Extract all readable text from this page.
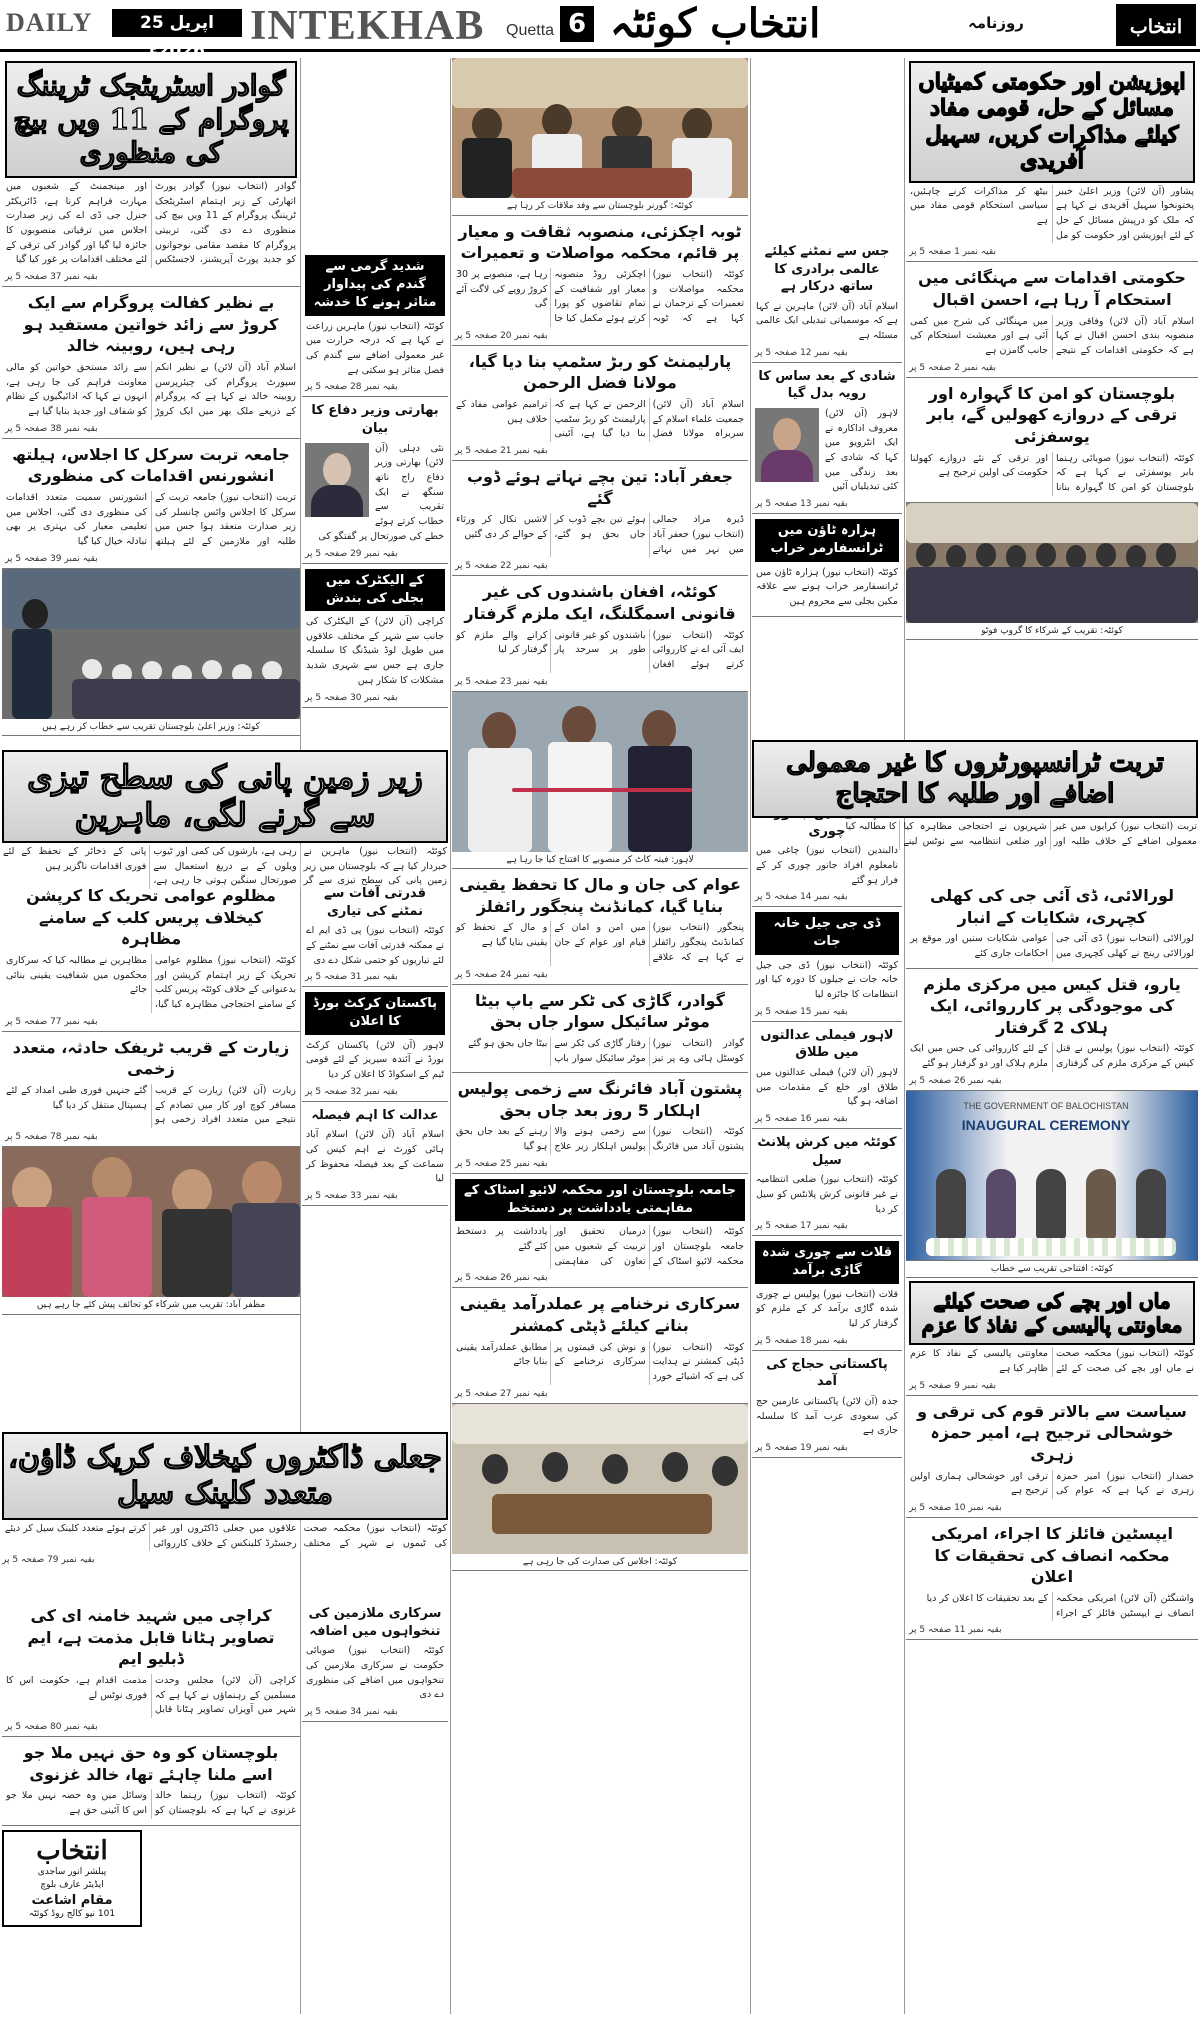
DAILY	25 اپریل 2026ء
INTEKHAB Quetta 6 انتخاب کوئٹہ	روزنامہ	انتخاب
گوادر اسٹریٹجک ٹریننگ پروگرام کے 11 ویں بیچ کی منظوری
گوادر (انتخاب نیوز) گوادر پورٹ اتھارٹی کے زیر اہتمام اسٹریٹجک ٹریننگ پروگرام کے 11 ویں بیچ کی منظوری دے دی گئی، تربیتی پروگرام کا مقصد مقامی نوجوانوں کو جدید پورٹ آپریشنز، لاجسٹکس اور مینجمنٹ کے شعبوں میں مہارت فراہم کرنا ہے، ڈائریکٹر جنرل جی ڈی اے کی زیر صدارت اجلاس میں ترقیاتی منصوبوں کا جائزہ لیا گیا اور گوادر کی ترقی کے لئے مختلف اقدامات پر غور کیا گیا
بقیہ نمبر 37 صفحہ 5 پر
بے نظیر کفالت پروگرام سے ایک کروڑ سے زائد خواتین مستفید ہو رہی ہیں، روبینہ خالد
اسلام آباد (آن لائن) بے نظیر انکم سپورٹ پروگرام کی چیئرپرسن روبینہ خالد نے کہا ہے کہ پروگرام کے ذریعے ملک بھر میں ایک کروڑ سے زائد مستحق خواتین کو مالی معاونت فراہم کی جا رہی ہے، انہوں نے کہا کہ ادائیگیوں کے نظام کو شفاف اور جدید بنایا گیا ہے
بقیہ نمبر 38 صفحہ 5 پر
جامعہ تربت سرکل کا اجلاس، ہیلتھ انشورنس اقدامات کی منظوری
تربت (انتخاب نیوز) جامعہ تربت کے سرکل کا اجلاس وائس چانسلر کی زیر صدارت منعقد ہوا جس میں طلبہ اور ملازمین کے لئے ہیلتھ انشورنس سمیت متعدد اقدامات کی منظوری دی گئی، اجلاس میں تعلیمی معیار کی بہتری پر بھی تبادلہ خیال کیا گیا
بقیہ نمبر 39 صفحہ 5 پر
کوئٹہ: وزیر اعلیٰ بلوچستان تقریب سے خطاب کر رہے ہیں
زیر زمین پانی کی سطح تیزی سے گرنے لگی، ماہرین
کوئٹہ (انتخاب نیوز) ماہرین نے خبردار کیا ہے کہ بلوچستان میں زیر زمین پانی کی سطح تیزی سے گر رہی ہے، بارشوں کی کمی اور ٹیوب ویلوں کے بے دریغ استعمال سے صورتحال سنگین ہوتی جا رہی ہے، پانی کے ذخائر کے تحفظ کے لئے فوری اقدامات ناگزیر ہیں
مظلوم عوامی تحریک کا کرپشن کیخلاف پریس کلب کے سامنے مظاہرہ
کوئٹہ (انتخاب نیوز) مظلوم عوامی تحریک کے زیر اہتمام کرپشن اور بدعنوانی کے خلاف کوئٹہ پریس کلب کے سامنے احتجاجی مظاہرہ کیا گیا، مظاہرین نے مطالبہ کیا کہ سرکاری محکموں میں شفافیت یقینی بنائی جائے
بقیہ نمبر 77 صفحہ 5 پر
زیارت کے قریب ٹریفک حادثہ، متعدد زخمی
زیارت (آن لائن) زیارت کے قریب مسافر کوچ اور کار میں تصادم کے نتیجے میں متعدد افراد زخمی ہو گئے جنہیں فوری طبی امداد کے لئے ہسپتال منتقل کر دیا گیا
بقیہ نمبر 78 صفحہ 5 پر
مظفر آباد: تقریب میں شرکاء کو تحائف پیش کئے جا رہے ہیں
جعلی ڈاکٹروں کیخلاف کریک ڈاؤن، متعدد کلینک سیل
کوئٹہ (انتخاب نیوز) محکمہ صحت کی ٹیموں نے شہر کے مختلف علاقوں میں جعلی ڈاکٹروں اور غیر رجسٹرڈ کلینکس کے خلاف کارروائی کرتے ہوئے متعدد کلینک سیل کر دیئے
بقیہ نمبر 79 صفحہ 5 پر
کراچی میں شہید خامنہ ای کی تصاویر ہٹانا قابل مذمت ہے، ایم ڈبلیو ایم
کراچی (آن لائن) مجلس وحدت مسلمین کے رہنماؤں نے کہا ہے کہ شہر میں آویزاں تصاویر ہٹانا قابل مذمت اقدام ہے، حکومت اس کا فوری نوٹس لے
بقیہ نمبر 80 صفحہ 5 پر
بلوچستان کو وہ حق نہیں ملا جو اسے ملنا چاہئے تھا، خالد غزنوی
کوئٹہ (انتخاب نیوز) رہنما خالد غزنوی نے کہا ہے کہ بلوچستان کو وسائل میں وہ حصہ نہیں ملا جو اس کا آئینی حق ہے
انتخاب
پبلشر انور ساجدی
ایڈیٹر عارف بلوچ
مقام اشاعت
101 نیو کالج روڈ کوئٹہ
شدید گرمی سے گندم کی پیداوار متاثر ہونے کا خدشہ
کوئٹہ (انتخاب نیوز) ماہرین زراعت نے کہا ہے کہ درجہ حرارت میں غیر معمولی اضافے سے گندم کی فصل متاثر ہو سکتی ہے
بقیہ نمبر 28 صفحہ 5 پر
بھارتی وزیر دفاع کا بیان
نئی دہلی (آن لائن) بھارتی وزیر دفاع راج ناتھ سنگھ نے ایک تقریب سے خطاب کرتے ہوئے خطے کی صورتحال پر گفتگو کی
بقیہ نمبر 29 صفحہ 5 پر
کے الیکٹرک میں بجلی کی بندش
کراچی (آن لائن) کے الیکٹرک کی جانب سے شہر کے مختلف علاقوں میں طویل لوڈ شیڈنگ کا سلسلہ جاری ہے جس سے شہری شدید مشکلات کا شکار ہیں
بقیہ نمبر 30 صفحہ 5 پر
قدرتی آفات سے نمٹنے کی تیاری
کوئٹہ (انتخاب نیوز) پی ڈی ایم اے نے ممکنہ قدرتی آفات سے نمٹنے کے لئے تیاریوں کو حتمی شکل دے دی
بقیہ نمبر 31 صفحہ 5 پر
پاکستان کرکٹ بورڈ کا اعلان
لاہور (آن لائن) پاکستان کرکٹ بورڈ نے آئندہ سیریز کے لئے قومی ٹیم کے اسکواڈ کا اعلان کر دیا
بقیہ نمبر 32 صفحہ 5 پر
عدالت کا اہم فیصلہ
اسلام آباد (آن لائن) اسلام آباد ہائی کورٹ نے اہم کیس کی سماعت کے بعد فیصلہ محفوظ کر لیا
بقیہ نمبر 33 صفحہ 5 پر
سرکاری ملازمین کی تنخواہوں میں اضافہ
کوئٹہ (انتخاب نیوز) صوبائی حکومت نے سرکاری ملازمین کی تنخواہوں میں اضافے کی منظوری دے دی
بقیہ نمبر 34 صفحہ 5 پر
کوئٹہ: گورنر بلوچستان سے وفد ملاقات کر رہا ہے
ٹوبہ اچکزئی، منصوبہ ثقافت و معیار پر قائم، محکمہ مواصلات و تعمیرات
کوئٹہ (انتخاب نیوز) محکمہ مواصلات و تعمیرات کے ترجمان نے کہا ہے کہ ٹوبہ اچکزئی روڈ منصوبہ معیار اور شفافیت کے تمام تقاضوں کو پورا کرتے ہوئے مکمل کیا جا رہا ہے، منصوبے پر 30 کروڑ روپے کی لاگت آئے گی
بقیہ نمبر 20 صفحہ 5 پر
پارلیمنٹ کو ربڑ سٹمپ بنا دیا گیا، مولانا فضل الرحمن
اسلام آباد (آن لائن) جمعیت علماء اسلام کے سربراہ مولانا فضل الرحمن نے کہا ہے کہ پارلیمنٹ کو ربڑ سٹمپ بنا دیا گیا ہے، آئینی ترامیم عوامی مفاد کے خلاف ہیں
بقیہ نمبر 21 صفحہ 5 پر
جعفر آباد: تین بچے نہاتے ہوئے ڈوب گئے
ڈیرہ مراد جمالی (انتخاب نیوز) جعفر آباد میں نہر میں نہاتے ہوئے تین بچے ڈوب کر جاں بحق ہو گئے، لاشیں نکال کر ورثاء کے حوالے کر دی گئیں
بقیہ نمبر 22 صفحہ 5 پر
کوئٹہ، افغان باشندوں کی غیر قانونی اسمگلنگ، ایک ملزم گرفتار
کوئٹہ (انتخاب نیوز) ایف آئی اے نے کارروائی کرتے ہوئے افغان باشندوں کو غیر قانونی طور پر سرحد پار کرانے والے ملزم کو گرفتار کر لیا
بقیہ نمبر 23 صفحہ 5 پر
لاہور: فیتہ کاٹ کر منصوبے کا افتتاح کیا جا رہا ہے
عوام کی جان و مال کا تحفظ یقینی بنایا گیا، کمانڈنٹ پنجگور رائفلز
پنجگور (انتخاب نیوز) کمانڈنٹ پنجگور رائفلز نے کہا ہے کہ علاقے میں امن و امان کے قیام اور عوام کے جان و مال کے تحفظ کو یقینی بنایا گیا ہے
بقیہ نمبر 24 صفحہ 5 پر
گوادر، گاڑی کی ٹکر سے باپ بیٹا موٹر سائیکل سوار جاں بحق
گوادر (انتخاب نیوز) کوسٹل ہائی وے پر تیز رفتار گاڑی کی ٹکر سے موٹر سائیکل سوار باپ بیٹا جاں بحق ہو گئے
پشتون آباد فائرنگ سے زخمی پولیس اہلکار 5 روز بعد جاں بحق
کوئٹہ (انتخاب نیوز) پشتون آباد میں فائرنگ سے زخمی ہونے والا پولیس اہلکار زیر علاج رہنے کے بعد جاں بحق ہو گیا
بقیہ نمبر 25 صفحہ 5 پر
جامعہ بلوچستان اور محکمہ لائیو اسٹاک کے مفاہمتی یادداشت پر دستخط
کوئٹہ (انتخاب نیوز) جامعہ بلوچستان اور محکمہ لائیو اسٹاک کے درمیان تحقیق اور تربیت کے شعبوں میں تعاون کی مفاہمتی یادداشت پر دستخط کئے گئے
بقیہ نمبر 26 صفحہ 5 پر
سرکاری نرخنامے پر عملدرآمد یقینی بنانے کیلئے ڈپٹی کمشنر
کوئٹہ (انتخاب نیوز) ڈپٹی کمشنر نے ہدایت کی ہے کہ اشیائے خورد و نوش کی قیمتوں پر سرکاری نرخنامے کے مطابق عملدرآمد یقینی بنایا جائے
بقیہ نمبر 27 صفحہ 5 پر
کوئٹہ: اجلاس کی صدارت کی جا رہی ہے
جس سے نمٹنے کیلئے عالمی برادری کا ساتھ درکار ہے
اسلام آباد (آن لائن) ماہرین نے کہا ہے کہ موسمیاتی تبدیلی ایک عالمی مسئلہ ہے
بقیہ نمبر 12 صفحہ 5 پر
شادی کے بعد ساس کا رویہ بدل گیا
لاہور (آن لائن) معروف اداکارہ نے ایک انٹرویو میں کہا کہ شادی کے بعد زندگی میں کئی تبدیلیاں آئیں
بقیہ نمبر 13 صفحہ 5 پر
ہزارہ ٹاؤن میں ٹرانسفارمر خراب
کوئٹہ (انتخاب نیوز) ہزارہ ٹاؤن میں ٹرانسفارمر خراب ہونے سے علاقہ مکین بجلی سے محروم ہیں
چوری
دالبندین (انتخاب نیوز) چاغی میں نامعلوم افراد جانور چوری کر کے فرار ہو گئے
بقیہ نمبر 14 صفحہ 5 پر
ڈی جی جیل خانہ جات
کوئٹہ (انتخاب نیوز) ڈی جی جیل خانہ جات نے جیلوں کا دورہ کیا اور انتظامات کا جائزہ لیا
بقیہ نمبر 15 صفحہ 5 پر
لاہور فیملی عدالتوں میں طلاق
لاہور (آن لائن) فیملی عدالتوں میں طلاق اور خلع کے مقدمات میں اضافہ ہو گیا
بقیہ نمبر 16 صفحہ 5 پر
کوئٹہ میں کرش پلانٹ سیل
کوئٹہ (انتخاب نیوز) ضلعی انتظامیہ نے غیر قانونی کرش پلانٹس کو سیل کر دیا
بقیہ نمبر 17 صفحہ 5 پر
قلات سے چوری شدہ گاڑی برآمد
قلات (انتخاب نیوز) پولیس نے چوری شدہ گاڑی برآمد کر کے ملزم کو گرفتار کر لیا
بقیہ نمبر 18 صفحہ 5 پر
پاکستانی حجاج کی آمد
جدہ (آن لائن) پاکستانی عازمین حج کی سعودی عرب آمد کا سلسلہ جاری ہے
بقیہ نمبر 19 صفحہ 5 پر
اپوزیشن اور حکومتی کمیٹیاں مسائل کے حل، قومی مفاد کیلئے مذاکرات کریں، سہیل آفریدی
پشاور (آن لائن) وزیر اعلیٰ خیبر پختونخوا سہیل آفریدی نے کہا ہے کہ ملک کو درپیش مسائل کے حل کے لئے اپوزیشن اور حکومت کو مل بیٹھ کر مذاکرات کرنے چاہئیں، سیاسی استحکام قومی مفاد میں ہے
بقیہ نمبر 1 صفحہ 5 پر
حکومتی اقدامات سے مہنگائی میں استحکام آ رہا ہے، احسن اقبال
اسلام آباد (آن لائن) وفاقی وزیر منصوبہ بندی احسن اقبال نے کہا ہے کہ حکومتی اقدامات کے نتیجے میں مہنگائی کی شرح میں کمی آئی ہے اور معیشت استحکام کی جانب گامزن ہے
بقیہ نمبر 2 صفحہ 5 پر
بلوچستان کو امن کا گہوارہ اور ترقی کے دروازے کھولیں گے، بابر یوسفزئی
کوئٹہ (انتخاب نیوز) صوبائی رہنما بابر یوسفزئی نے کہا ہے کہ بلوچستان کو امن کا گہوارہ بنانا اور ترقی کے نئے دروازے کھولنا حکومت کی اولین ترجیح ہے
کوئٹہ: تقریب کے شرکاء کا گروپ فوٹو
تربت ٹرانسپورٹروں کا غیر معمولی اضافے اور طلبہ کا احتجاج
تربت (انتخاب نیوز) کرایوں میں غیر معمولی اضافے کے خلاف طلبہ اور شہریوں نے احتجاجی مظاہرہ کیا اور ضلعی انتظامیہ سے نوٹس لینے کا مطالبہ کیا
لورالائی، ڈی آئی جی کی کھلی کچہری، شکایات کے انبار
لورالائی (انتخاب نیوز) ڈی آئی جی لورالائی رینج نے کھلی کچہری میں عوامی شکایات سنیں اور موقع پر احکامات جاری کئے
یارو، قتل کیس میں مرکزی ملزم کی موجودگی پر کارروائی، ایک ہلاک 2 گرفتار
کوئٹہ (انتخاب نیوز) پولیس نے قتل کیس کے مرکزی ملزم کی گرفتاری کے لئے کارروائی کی جس میں ایک ملزم ہلاک اور دو گرفتار ہو گئے
بقیہ نمبر 26 صفحہ 5 پر
THE GOVERNMENT OF BALOCHISTAN
INAUGURAL CEREMONY
کوئٹہ: افتتاحی تقریب سے خطاب
ماں اور بچے کی صحت کیلئے معاونتی پالیسی کے نفاذ کا عزم
کوئٹہ (انتخاب نیوز) محکمہ صحت نے ماں اور بچے کی صحت کے لئے معاونتی پالیسی کے نفاذ کا عزم ظاہر کیا ہے
بقیہ نمبر 9 صفحہ 5 پر
سیاست سے بالاتر قوم کی ترقی و خوشحالی ترجیح ہے، امیر حمزہ زہری
خضدار (انتخاب نیوز) امیر حمزہ زہری نے کہا ہے کہ عوام کی ترقی اور خوشحالی ہماری اولین ترجیح ہے
بقیہ نمبر 10 صفحہ 5 پر
ایپسٹین فائلز کا اجراء، امریکی محکمہ انصاف کی تحقیقات کا اعلان
واشنگٹن (آن لائن) امریکی محکمہ انصاف نے ایپسٹین فائلز کے اجراء کے بعد تحقیقات کا اعلان کر دیا
بقیہ نمبر 11 صفحہ 5 پر
